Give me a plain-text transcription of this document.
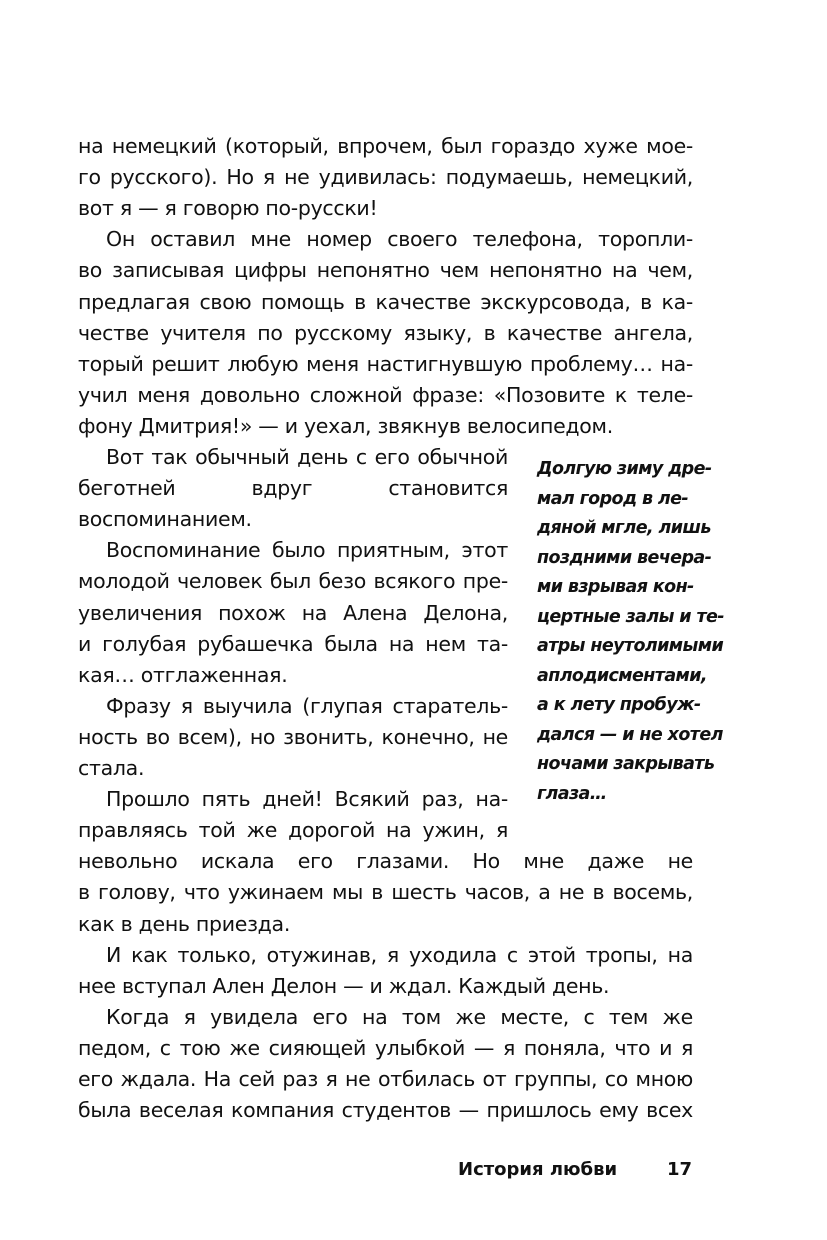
на немецкий (который, впрочем, был гораздо хуже мое-
го русского). Но я не удивилась: подумаешь, немецкий,
вот я — я говорю по-русски!
Он оставил мне номер своего телефона, торопли-
во записывая цифры непонятно чем непонятно на чем,
предлагая свою помощь в качестве экскурсовода, в ка-
честве учителя по русскому языку, в качестве ангела,
торый решит любую меня настигнувшую проблему… на-
учил меня довольно сложной фразе: «Позовите к теле-
фону Дмитрия!» — и уехал, звякнув велосипедом.
Вот так обычный день с его обычной
беготней вдруг становится
воспоминанием.
Воспоминание было приятным, этот
молодой человек был безо всякого пре-
увеличения похож на Алена Делона,
и голубая рубашечка была на нем та-
кая… отглаженная.
Фразу я выучила (глупая старатель-
ность во всем), но звонить, конечно, не
стала.
Прошло пять дней! Всякий раз, на-
правляясь той же дорогой на ужин, я
невольно искала его глазами. Но мне даже не
в голову, что ужинаем мы в шесть часов, а не в восемь,
как в день приезда.
И как только, отужинав, я уходила с этой тропы, на
нее вступал Ален Делон — и ждал. Каждый день.
Когда я увидела его на том же месте, с тем же
педом, с тою же сияющей улыбкой — я поняла, что и я
его ждала. На сей раз я не отбилась от группы, со мною
была веселая компания студентов — пришлось ему всех
Долгую зиму дре-
мал город в ле-
дяной мгле, лишь
поздними вечера-
ми взрывая кон-
цертные залы и те-
атры неутолимыми
аплодисментами,
а к лету пробуж-
дался — и не хотел
ночами закрывать
глаза…
История любви	17
